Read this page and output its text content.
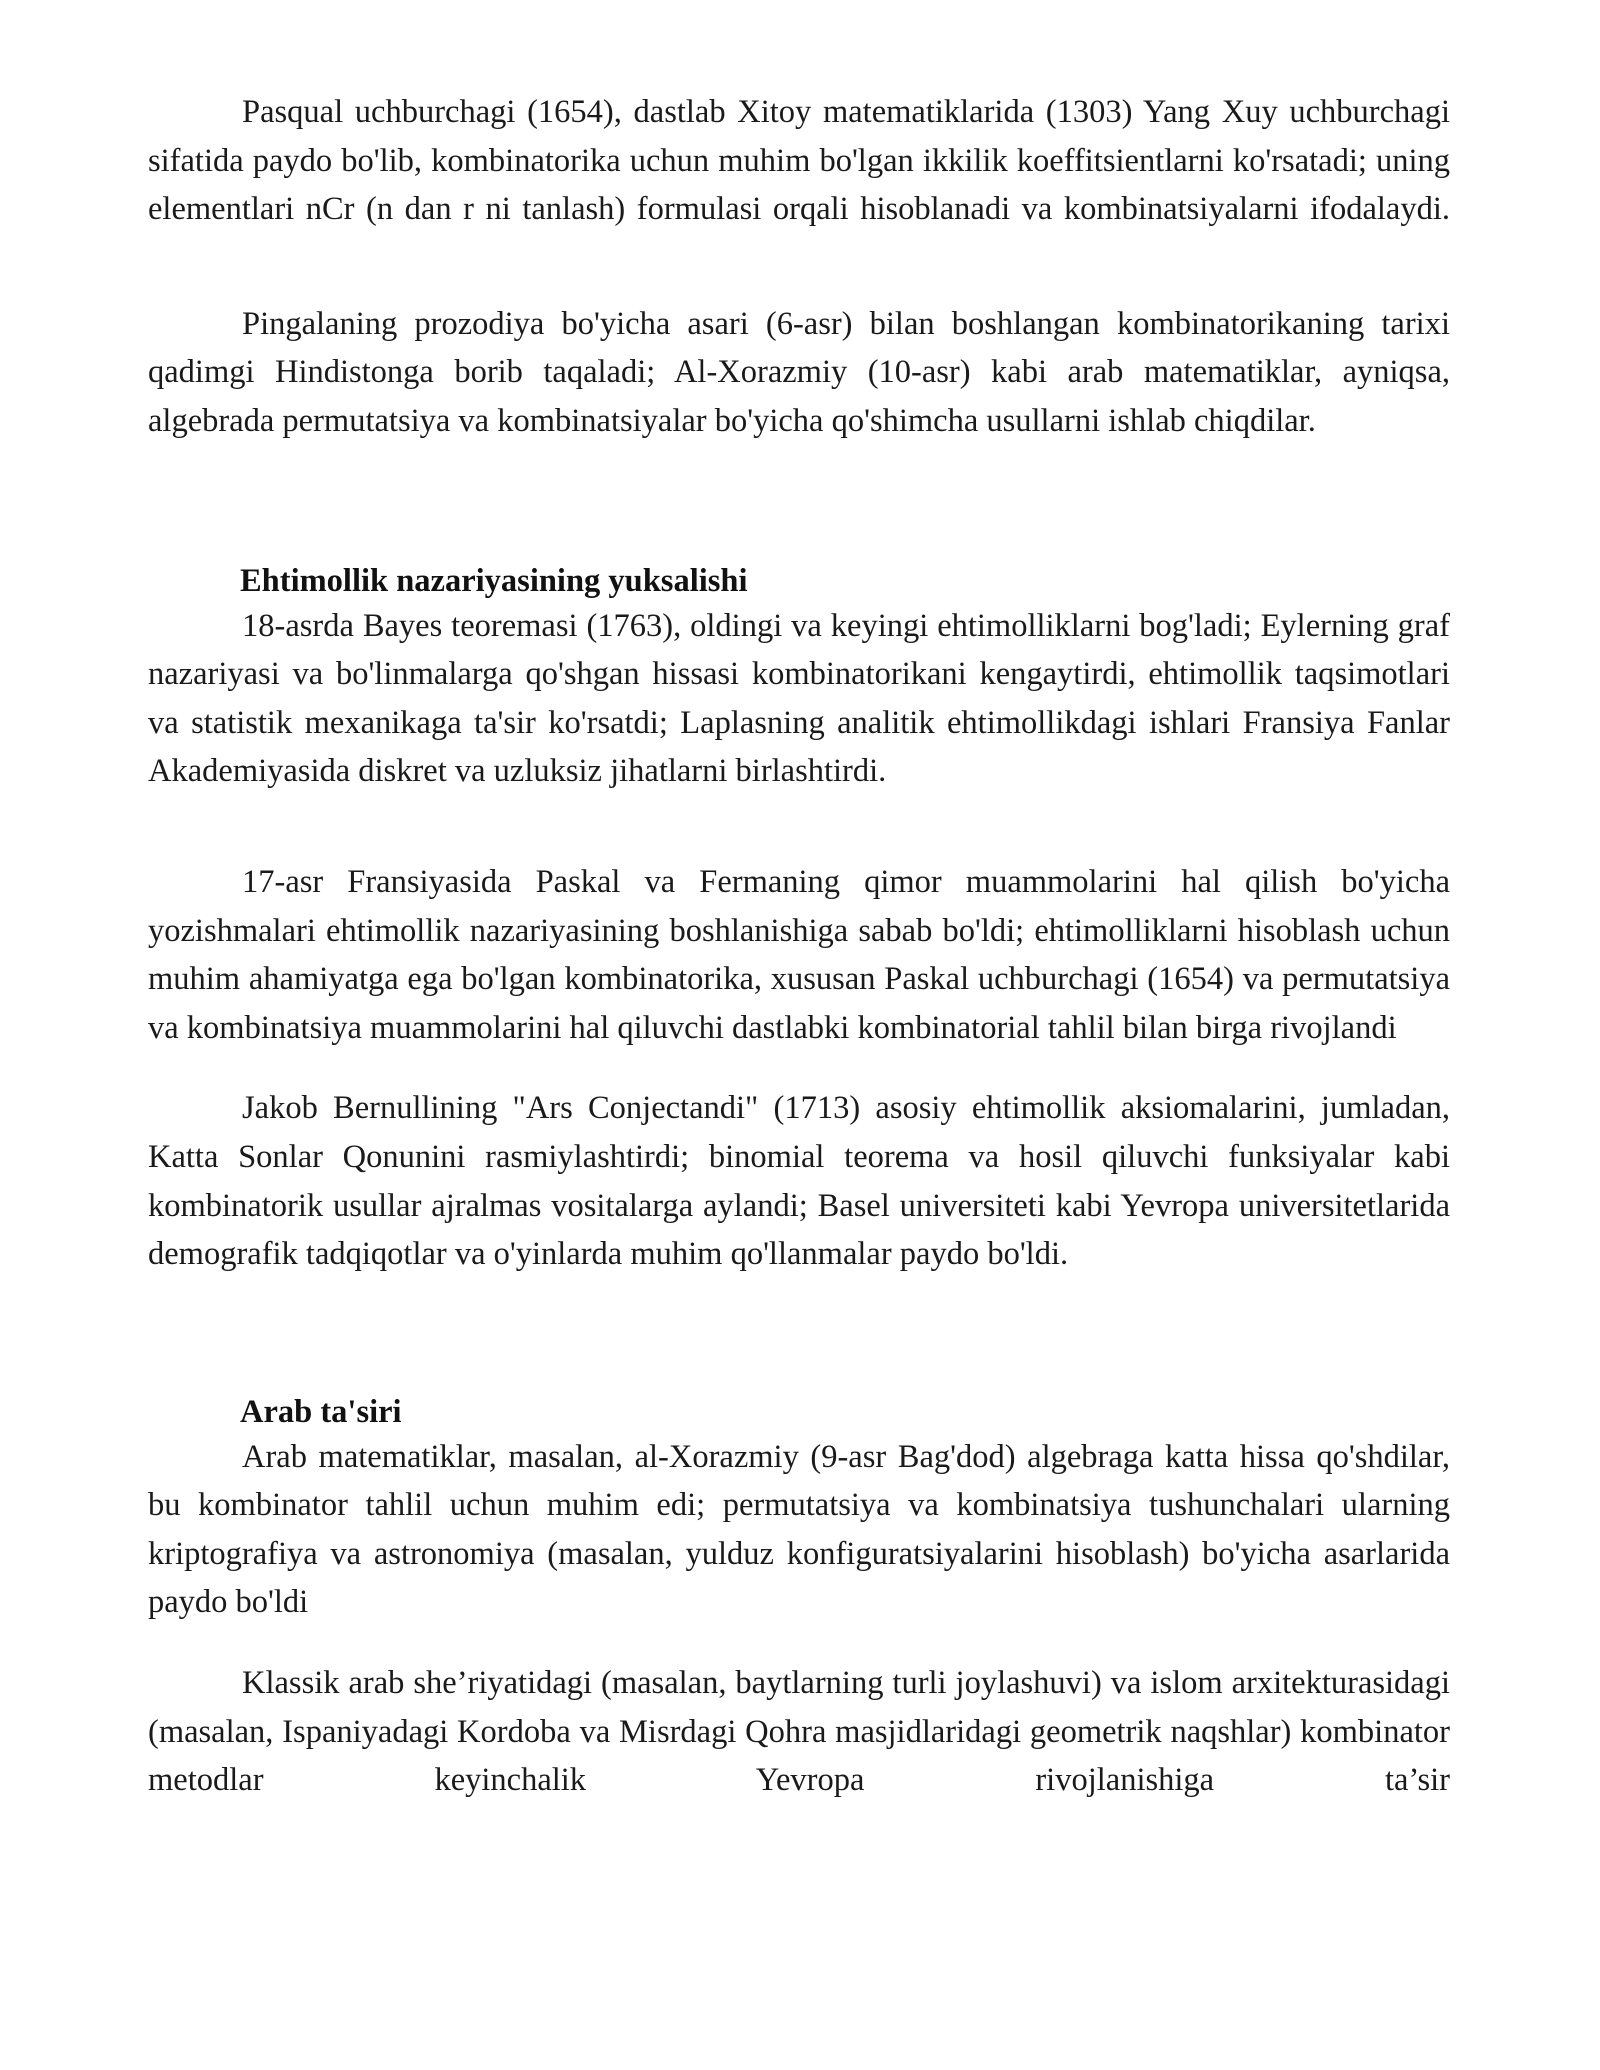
Pasqual uchburchagi (1654), dastlab Xitoy matematiklarida (1303) Yang Xuy uchburchagi sifatida paydo bo'lib, kombinatorika uchun muhim bo'lgan ikkilik koeffitsientlarni ko'rsatadi; uning elementlari nCr (n dan r ni tanlash) formulasi orqali hisoblanadi va kombinatsiyalarni ifodalaydi.

Pingalaning prozodiya bo'yicha asari (6-asr) bilan boshlangan kombinatorikaning tarixi qadimgi Hindistonga borib taqaladi; Al-Xorazmiy (10-asr) kabi arab matematiklar, ayniqsa, algebrada permutatsiya va kombinatsiyalar bo'yicha qo'shimcha usullarni ishlab chiqdilar.

Ehtimollik nazariyasining yuksalishi

18-asrda Bayes teoremasi (1763), oldingi va keyingi ehtimolliklarni bog'ladi; Eylerning graf nazariyasi va bo'linmalarga qo'shgan hissasi kombinatorikani kengaytirdi, ehtimollik taqsimotlari va statistik mexanikaga ta'sir ko'rsatdi; Laplasning analitik ehtimollikdagi ishlari Fransiya Fanlar Akademiyasida diskret va uzluksiz jihatlarni birlashtirdi.

17-asr Fransiyasida Paskal va Fermaning qimor muammolarini hal qilish bo'yicha yozishmalari ehtimollik nazariyasining boshlanishiga sabab bo'ldi; ehtimolliklarni hisoblash uchun muhim ahamiyatga ega bo'lgan kombinatorika, xususan Paskal uchburchagi (1654) va permutatsiya va kombinatsiya muammolarini hal qiluvchi dastlabki kombinatorial tahlil bilan birga rivojlandi

Jakob Bernullining "Ars Conjectandi" (1713) asosiy ehtimollik aksiomalarini, jumladan, Katta Sonlar Qonunini rasmiylashtirdi; binomial teorema va hosil qiluvchi funksiyalar kabi kombinatorik usullar ajralmas vositalarga aylandi; Basel universiteti kabi Yevropa universitetlarida demografik tadqiqotlar va o'yinlarda muhim qo'llanmalar paydo bo'ldi.

Arab ta'siri

Arab matematiklar, masalan, al-Xorazmiy (9-asr Bag'dod) algebraga katta hissa qo'shdilar, bu kombinator tahlil uchun muhim edi; permutatsiya va kombinatsiya tushunchalari ularning kriptografiya va astronomiya (masalan, yulduz konfiguratsiyalarini hisoblash) bo'yicha asarlarida paydo bo'ldi

Klassik arab she’riyatidagi (masalan, baytlarning turli joylashuvi) va islom arxitekturasidagi (masalan, Ispaniyadagi Kordoba va Misrdagi Qohra masjidlaridagi geometrik naqshlar) kombinator metodlar keyinchalik Yevropa rivojlanishiga ta’sir
